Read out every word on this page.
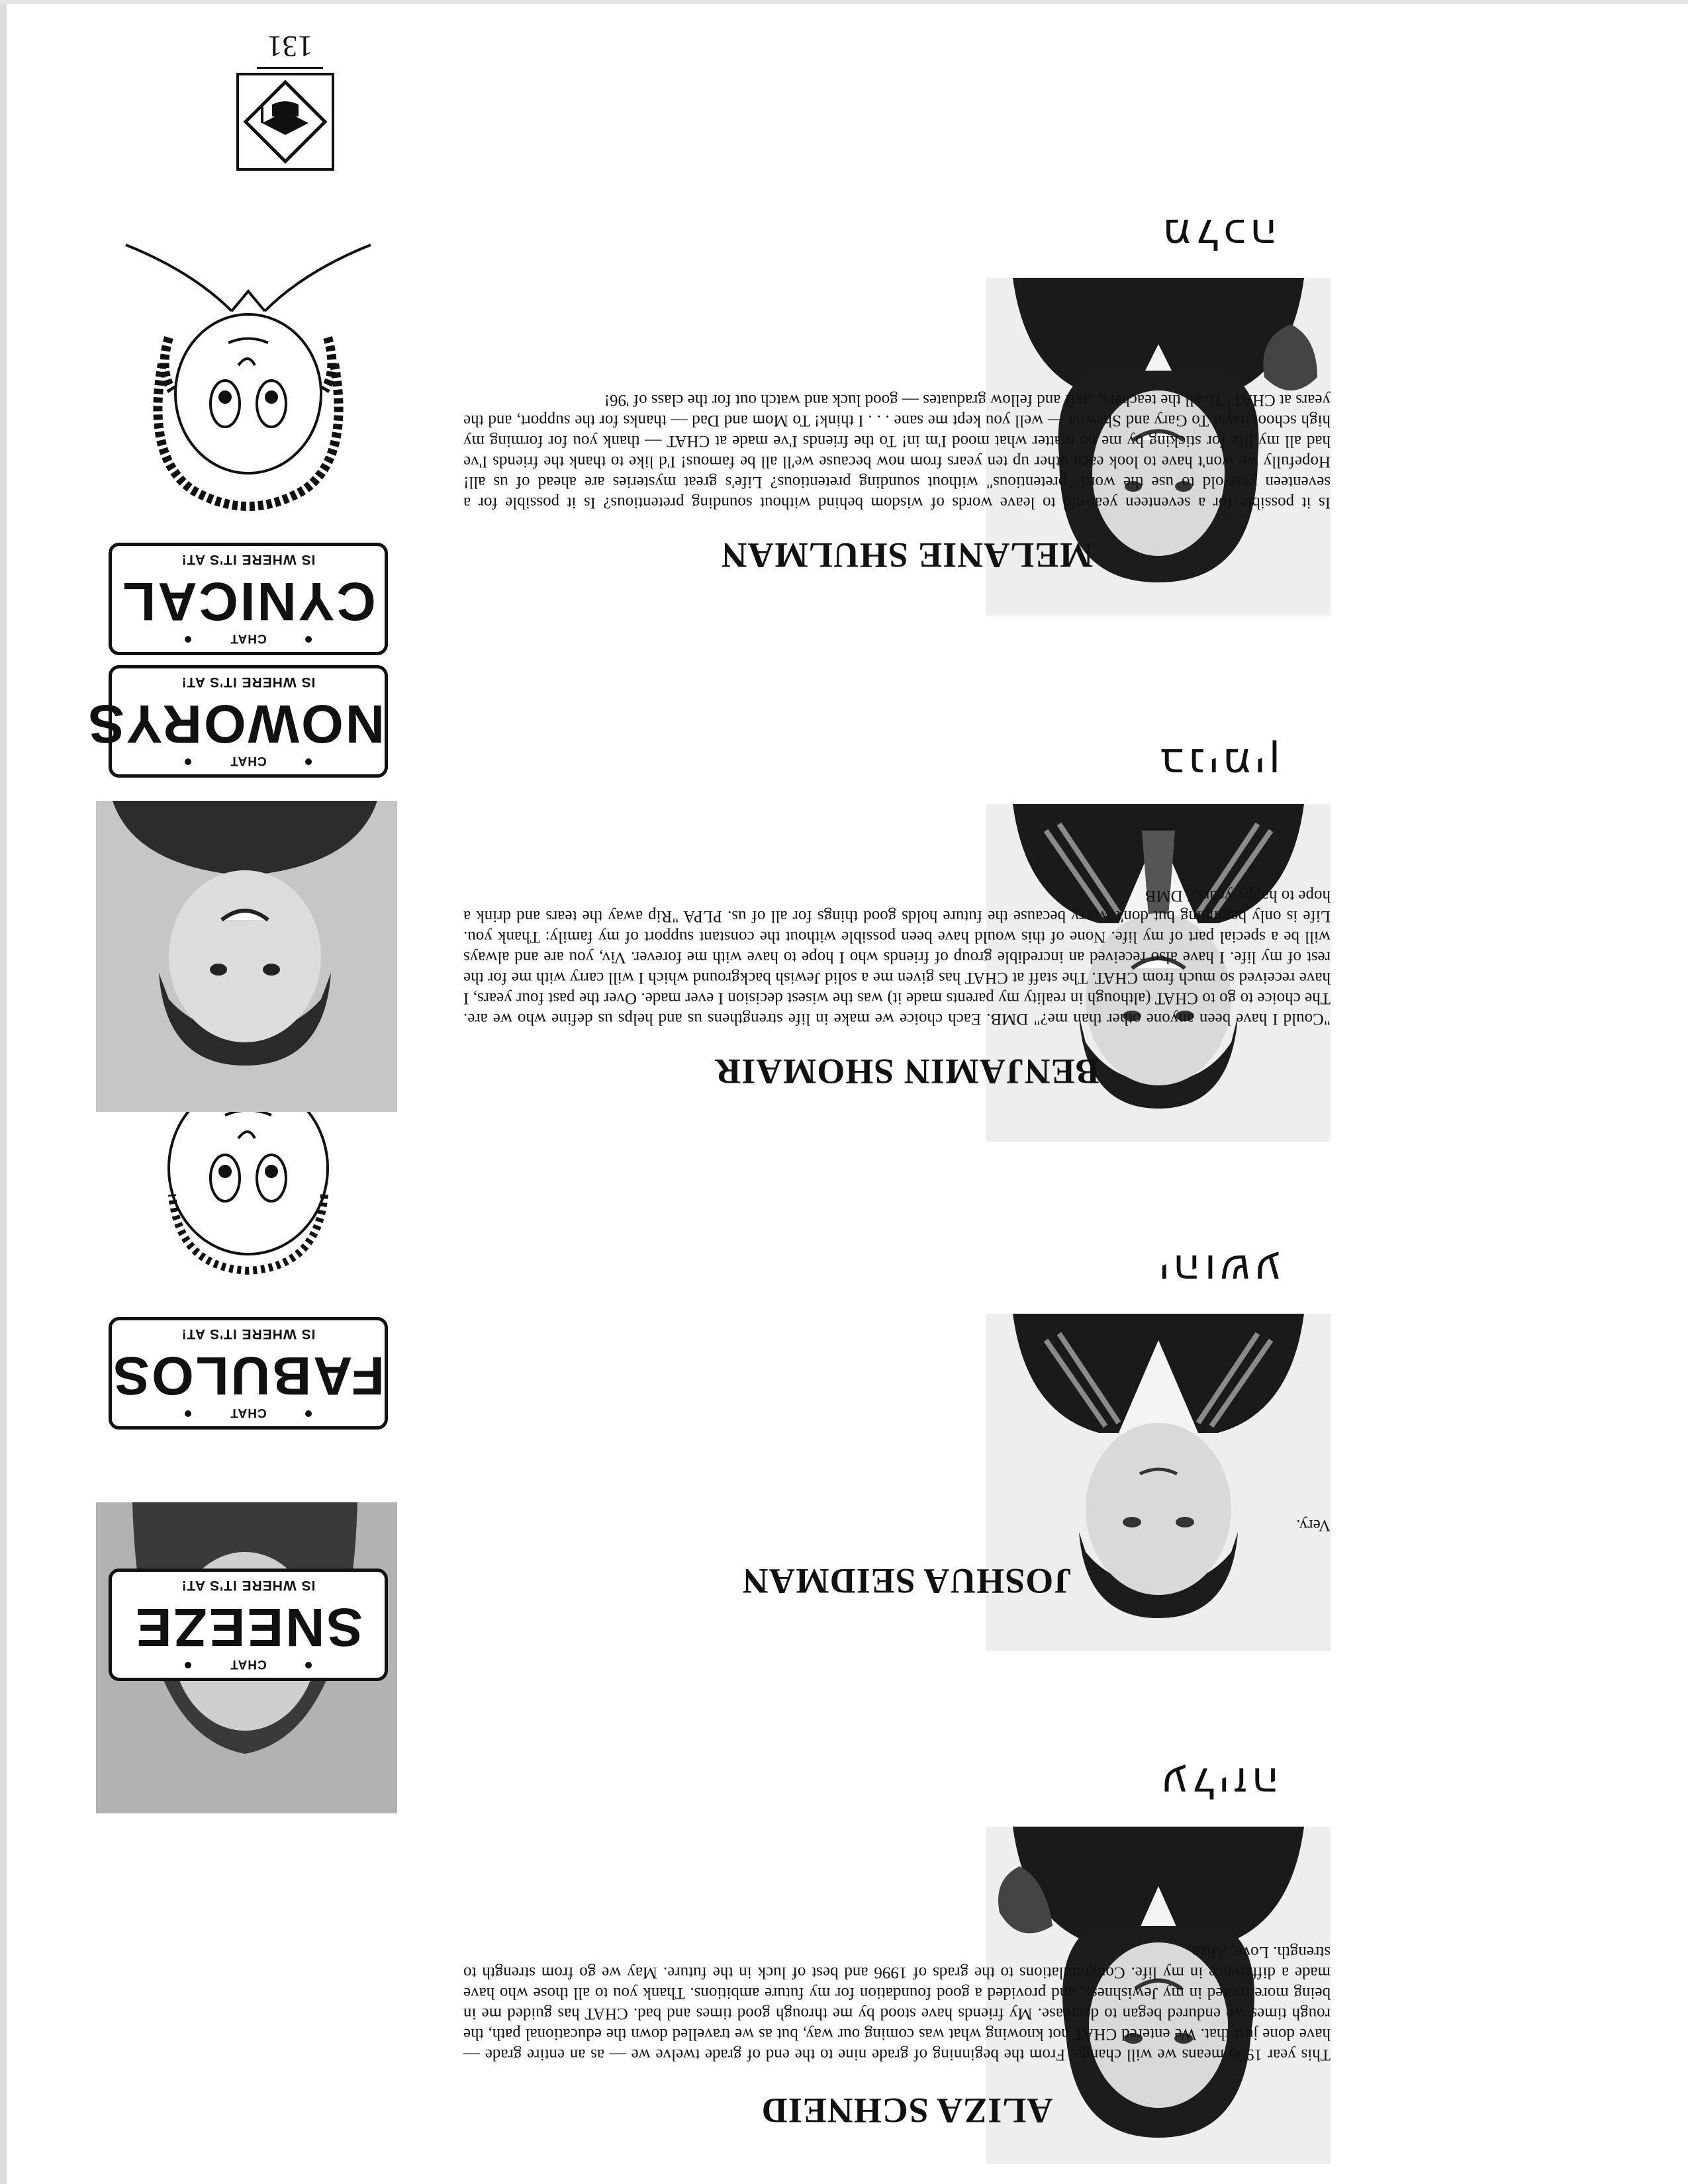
עליזה
ALIZA SCHNEID
This year 1996 means we will change. From the beginning of grade nine to the end of grade twelve we — as an entire grade — have done just that. We entered CHAT not knowing what was coming our way, but as we travelled down the educational path, the rough times we endured began to decrease. My friends have stood by me through good times and bad. CHAT has guided me in being more rooted in my Jewishness, and provided a good foundation for my future ambitions. Thank you to all those who have made a difference in my life. Congratulations to the grads of 1996 and best of luck in the future. May we go from strength to strength. Love, Aliza.
CHAT
SNEEZE
IS WHERE IT'S AT!
יהושע
JOSHUA SEIDMAN
Very.
CHAT
FABULOS
IS WHERE IT'S AT!
בנימין
BENJAMIN SHOMAIR
"Could I have been anyone other than me?" DMB. Each choice we make in life strengthens us and helps us define who we are. The choice to go to CHAT (although in reality my parents made it) was the wisest decision I ever made. Over the past four years, I have received so much from CHAT. The staff at CHAT has given me a solid Jewish background which I will carry with me for the rest of my life. I have also received an incredible group of friends who I hope to have with me forever. Viv, you are and always will be a special part of my life. None of this would have been possible without the constant support of my family: Thank you. Life is only beginning but don't worry because the future holds good things for all of us. PLPA "Rip away the tears and drink a hope to happy years." DMB
CHAT
NOWORYS
IS WHERE IT'S AT!
מלכה
MELANIE SHULMAN
Is it possible for a seventeen year-old to leave words of wisdom behind without sounding pretentious? Is it possible for a seventeen year-old to use the word "pretentious" without sounding pretentious? Life's great mysteries are ahead of us all! Hopefully we won't have to look each other up ten years from now because we'll all be famous! I'd like to thank the friends I've had all my life for sticking by me no matter what mood I'm in! To the friends I've made at CHAT — thank you for forming my high school days! To Gary and Shawna — well you kept me sane . . . I think! To Mom and Dad — thanks for the support, and the years at CHAT! To all the teachers, staff and fellow graduates — good luck and watch out for the class of '96!
CHAT
CYNICAL
IS WHERE IT'S AT!
131
